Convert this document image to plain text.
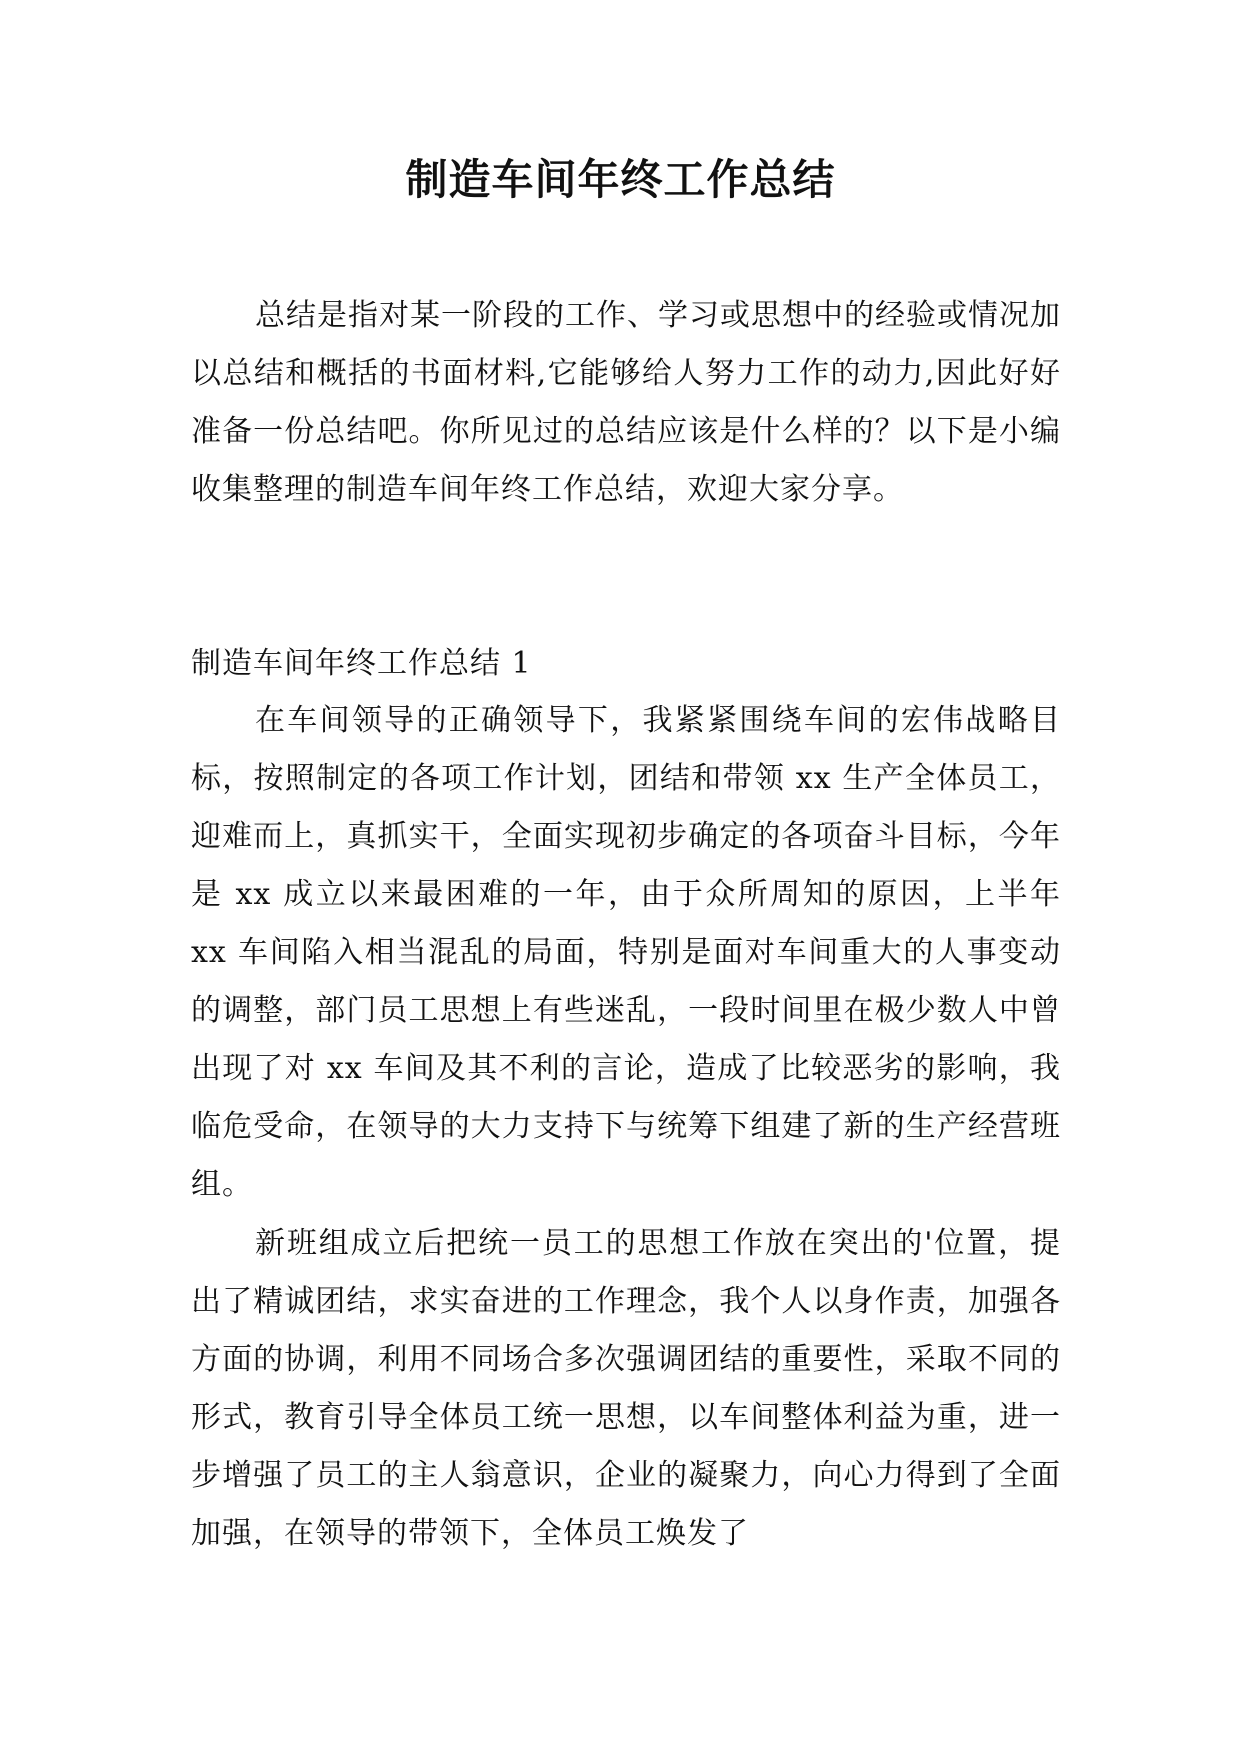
制造车间年终工作总结

总结是指对某一阶段的工作、学习或思想中的经验或情况加以总结和概括的书面材料,它能够给人努力工作的动力,因此好好准备一份总结吧。你所见过的总结应该是什么样的？以下是小编收集整理的制造车间年终工作总结，欢迎大家分享。

制造车间年终工作总结 1

在车间领导的正确领导下，我紧紧围绕车间的宏伟战略目标，按照制定的各项工作计划，团结和带领 xx 生产全体员工，迎难而上，真抓实干，全面实现初步确定的各项奋斗目标，今年是 xx 成立以来最困难的一年，由于众所周知的原因，上半年 xx 车间陷入相当混乱的局面，特别是面对车间重大的人事变动的调整，部门员工思想上有些迷乱，一段时间里在极少数人中曾出现了对 xx 车间及其不利的言论，造成了比较恶劣的影响，我临危受命，在领导的大力支持下与统筹下组建了新的生产经营班组。

新班组成立后把统一员工的思想工作放在突出的'位置，提出了精诚团结，求实奋进的工作理念，我个人以身作责，加强各方面的协调，利用不同场合多次强调团结的重要性，采取不同的形式，教育引导全体员工统一思想，以车间整体利益为重，进一步增强了员工的主人翁意识，企业的凝聚力，向心力得到了全面加强，在领导的带领下，全体员工焕发了
